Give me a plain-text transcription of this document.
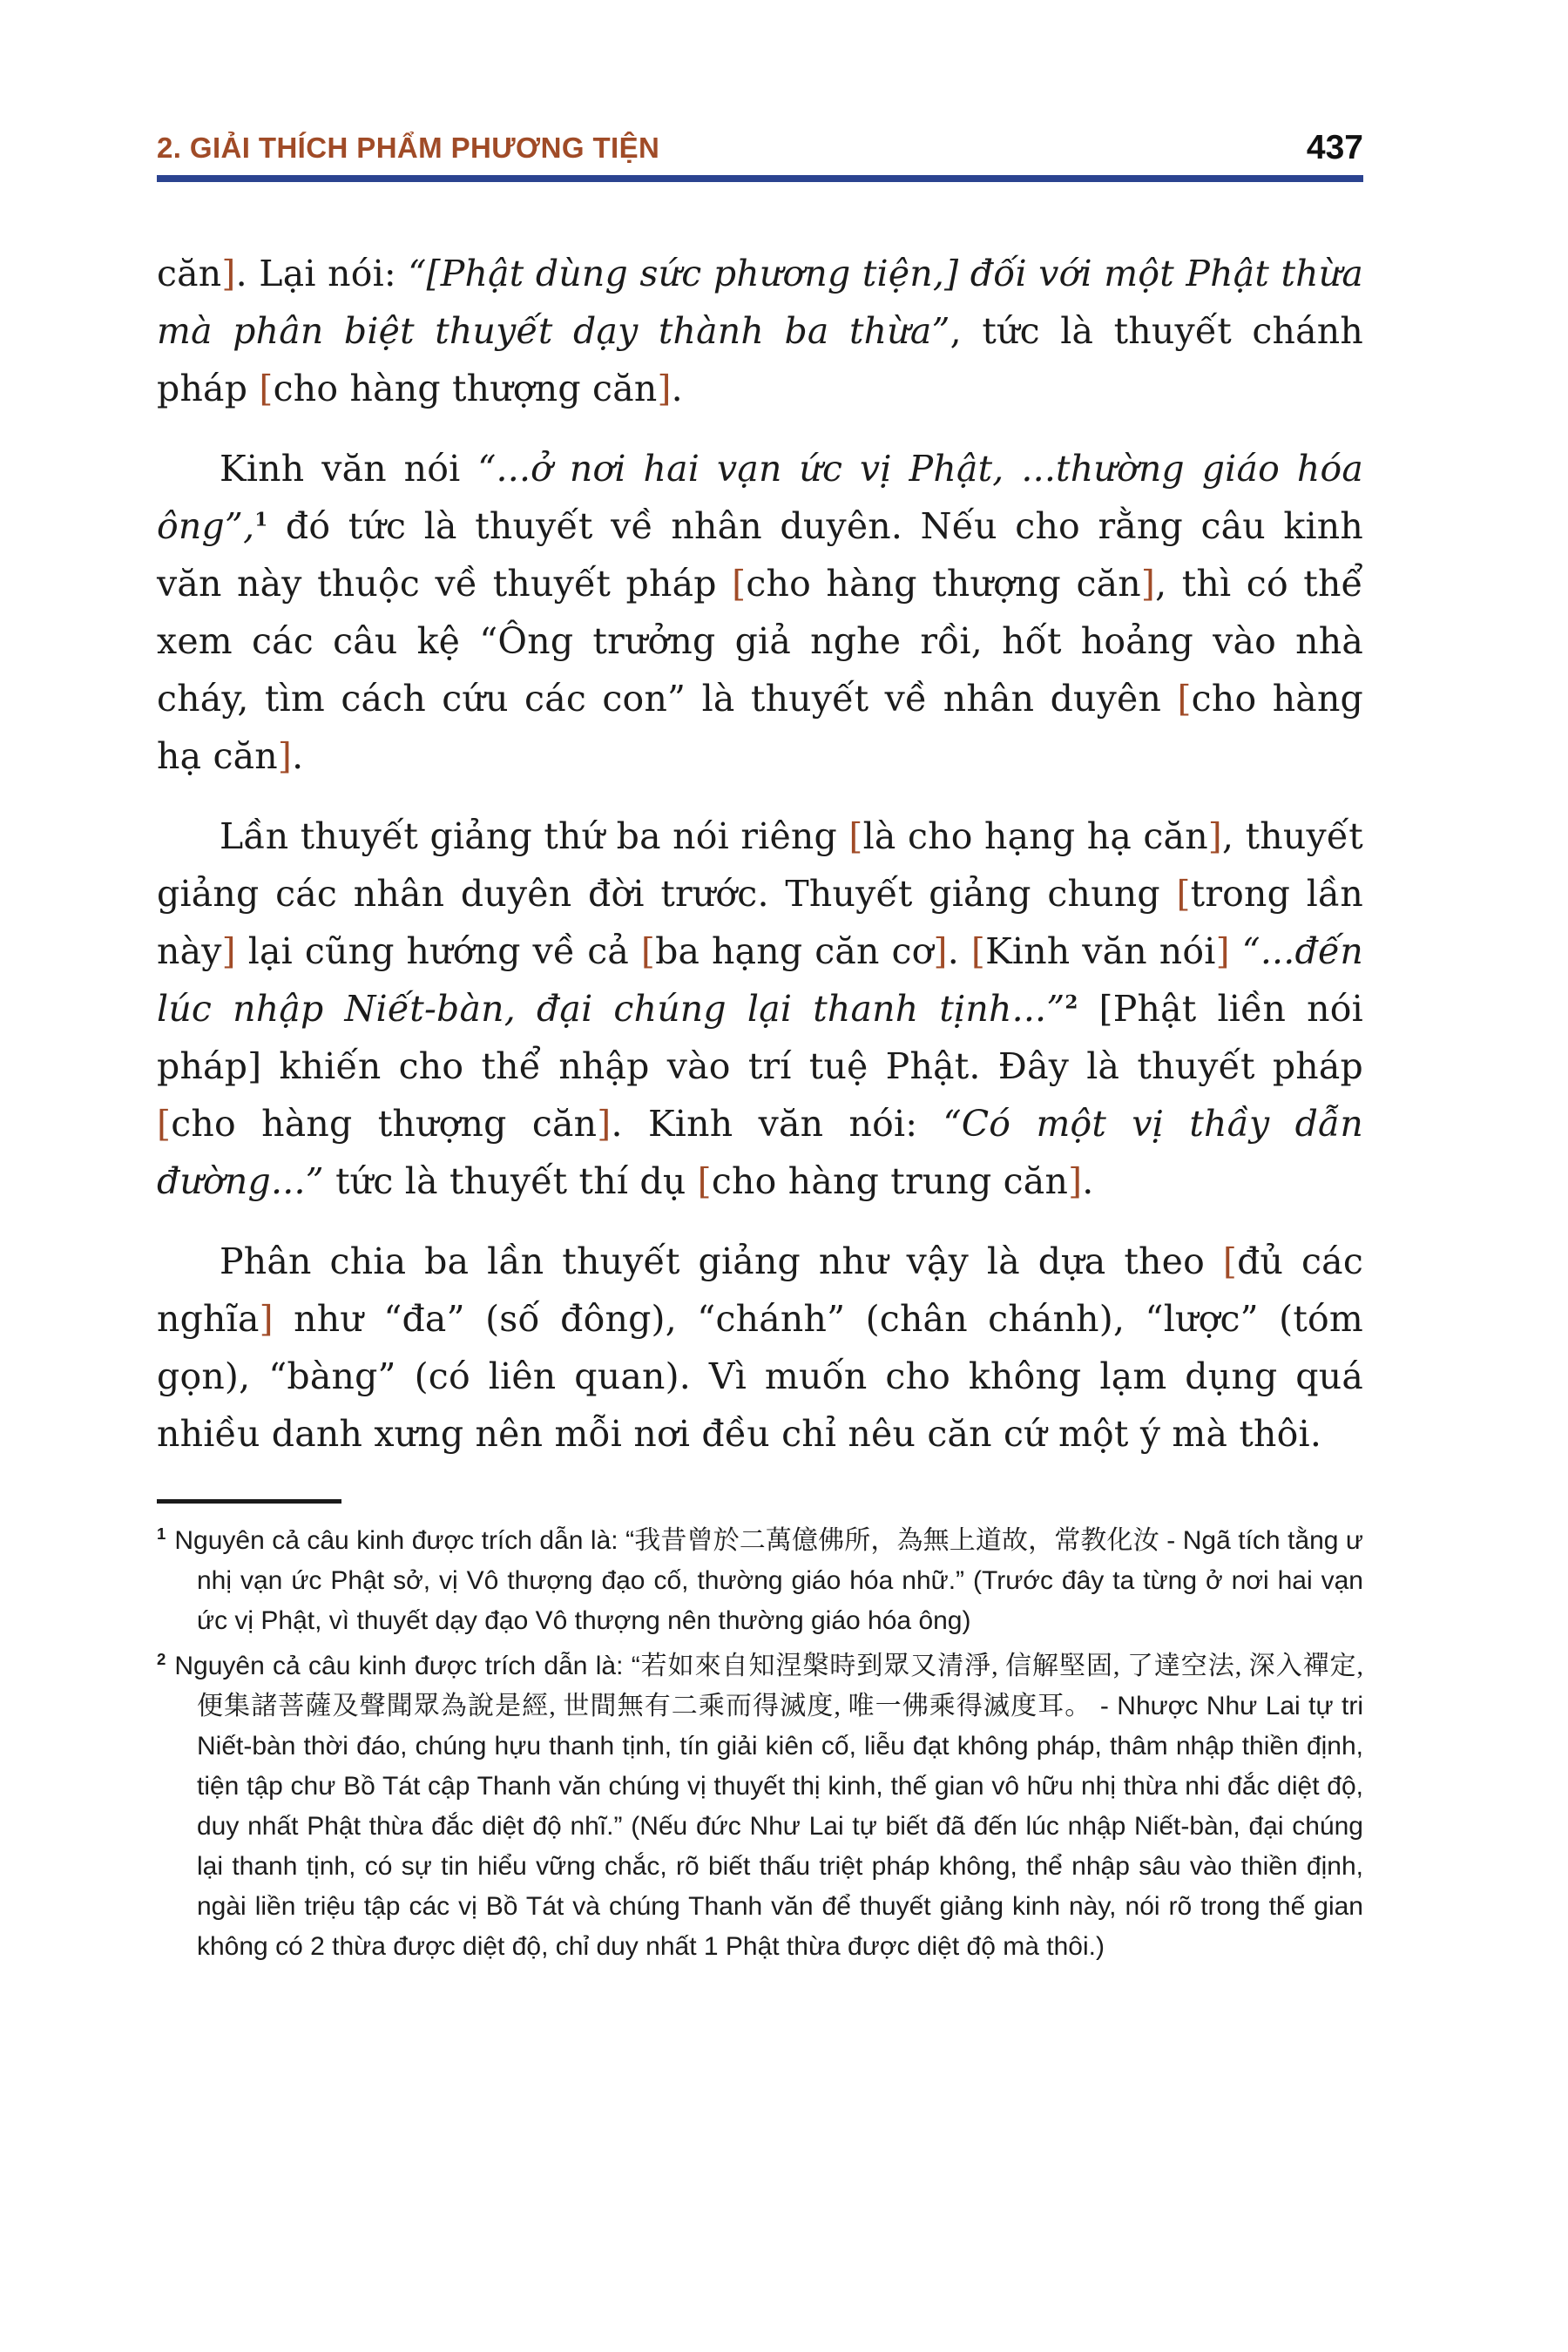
2. GIẢI THÍCH PHẨM PHƯƠNG TIỆN	437

căn]. Lại nói: “[Phật dùng sức phương tiện,] đối với một Phật thừa mà phân biệt thuyết dạy thành ba thừa”, tức là thuyết chánh pháp [cho hàng thượng căn].

Kinh văn nói “...ở nơi hai vạn ức vị Phật, ...thường giáo hóa ông”,$^1$ đó tức là thuyết về nhân duyên. Nếu cho rằng câu kinh văn này thuộc về thuyết pháp [cho hàng thượng căn], thì có thể xem các câu kệ “Ông trưởng giả nghe rồi, hốt hoảng vào nhà cháy, tìm cách cứu các con” là thuyết về nhân duyên [cho hàng hạ căn].

Lần thuyết giảng thứ ba nói riêng [là cho hạng hạ căn], thuyết giảng các nhân duyên đời trước. Thuyết giảng chung [trong lần này] lại cũng hướng về cả [ba hạng căn cơ]. [Kinh văn nói] “...đến lúc nhập Niết-bàn, đại chúng lại thanh tịnh...”$^2$ [Phật liền nói pháp] khiến cho thể nhập vào trí tuệ Phật. Đây là thuyết pháp [cho hàng thượng căn]. Kinh văn nói: “Có một vị thầy dẫn đường...” tức là thuyết thí dụ [cho hàng trung căn].

Phân chia ba lần thuyết giảng như vậy là dựa theo [đủ các nghĩa] như “đa” (số đông), “chánh” (chân chánh), “lược” (tóm gọn), “bàng” (có liên quan). Vì muốn cho không lạm dụng quá nhiều danh xưng nên mỗi nơi đều chỉ nêu căn cứ một ý mà thôi.

$^1$ Nguyên cả câu kinh được trích dẫn là: “我昔曾於二萬億佛所，為無上道故，常教化汝 - Ngã tích tằng ư nhị vạn ức Phật sở, vị Vô thượng đạo cố, thường giáo hóa nhữ.” (Trước đây ta từng ở nơi hai vạn ức vị Phật, vì thuyết dạy đạo Vô thượng nên thường giáo hóa ông)

$^2$ Nguyên cả câu kinh được trích dẫn là: “若如來自知涅槃時到眾又清淨, 信解堅固, 了達空法, 深入禪定, 便集諸菩薩及聲聞眾為說是經, 世間無有二乘而得滅度, 唯一佛乘得滅度耳。 - Nhược Như Lai tự tri Niết-bàn thời đáo, chúng hựu thanh tịnh, tín giải kiên cố, liễu đạt không pháp, thâm nhập thiền định, tiện tập chư Bồ Tát cập Thanh văn chúng vị thuyết thị kinh, thế gian vô hữu nhị thừa nhi đắc diệt độ, duy nhất Phật thừa đắc diệt độ nhĩ.” (Nếu đức Như Lai tự biết đã đến lúc nhập Niết-bàn, đại chúng lại thanh tịnh, có sự tin hiểu vững chắc, rõ biết thấu triệt pháp không, thể nhập sâu vào thiền định, ngài liền triệu tập các vị Bồ Tát và chúng Thanh văn để thuyết giảng kinh này, nói rõ trong thế gian không có 2 thừa được diệt độ, chỉ duy nhất 1 Phật thừa được diệt độ mà thôi.)
